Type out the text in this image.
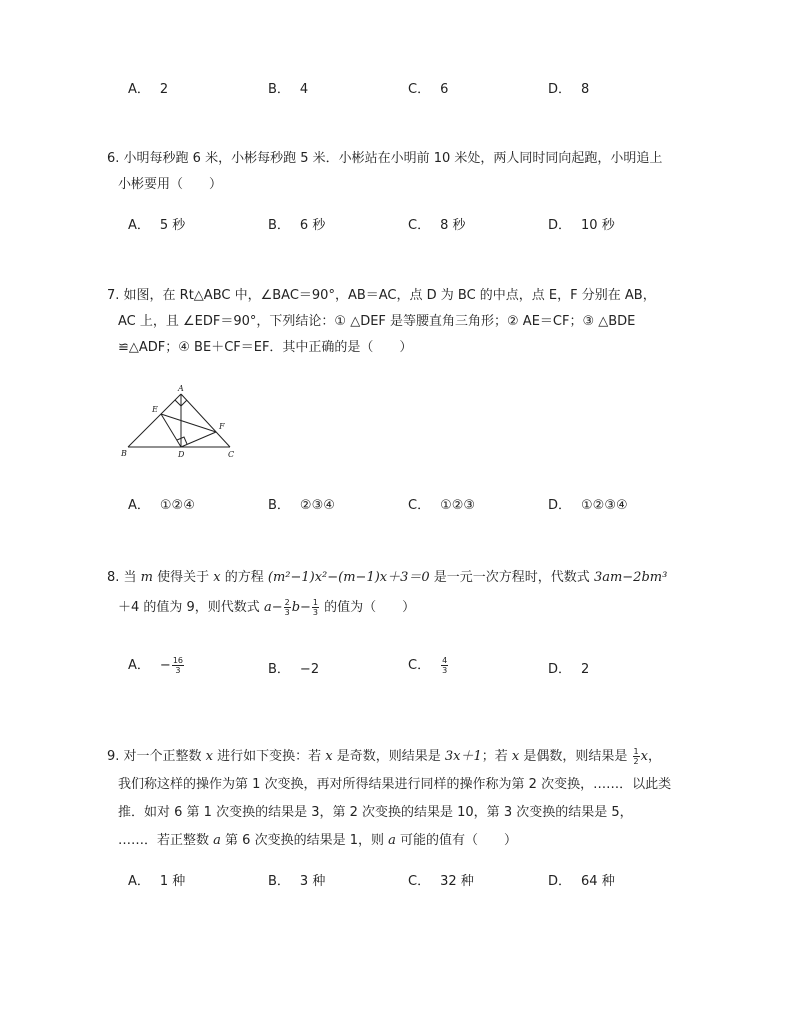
A． 2	B． 4	C． 6	D． 8
6. 小明每秒跑 6 米，小彬每秒跑 5 米．小彬站在小明前 10 米处，两人同时同向起跑，小明追上
小彬要用（　　）
A． 5 秒	B． 6 秒	C． 8 秒	D． 10 秒
7. 如图，在 Rt△ABC 中，∠BAC＝90°，AB＝AC，点 D 为 BC 的中点，点 E，F 分别在 AB，
AC 上，且 ∠EDF＝90°，下列结论：① △DEF 是等腰直角三角形；② AE＝CF；③ △BDE
≌△ADF；④ BE＋CF＝EF．其中正确的是（　　）
A
B	C
D
E
F
A． ①②④	B． ②③④	C． ①②③	D． ①②③④
8. 当 m 使得关于 x 的方程 (m²−1)x²−(m−1)x＋3＝0 是一元一次方程时，代数式 3am−2bm³
＋4 的值为 9，则代数式 $a- \frac{2}{3} b- \frac{1}{3}$ 的值为（　　）
A． − $\frac{16}{3}$	B． −2	C． $\frac{4}{3}$	D． 2
9. 对一个正整数 x 进行如下变换：若 x 是奇数，则结果是 3x＋1；若 x 是偶数，则结果是 $\frac{1}{2}$ x，
我们称这样的操作为第 1 次变换，再对所得结果进行同样的操作称为第 2 次变换，……．以此类
推．如对 6 第 1 次变换的结果是 3，第 2 次变换的结果是 10，第 3 次变换的结果是 5，
……．若正整数 a 第 6 次变换的结果是 1，则 a 可能的值有（　　）
A． 1 种	B． 3 种	C． 32 种	D． 64 种
